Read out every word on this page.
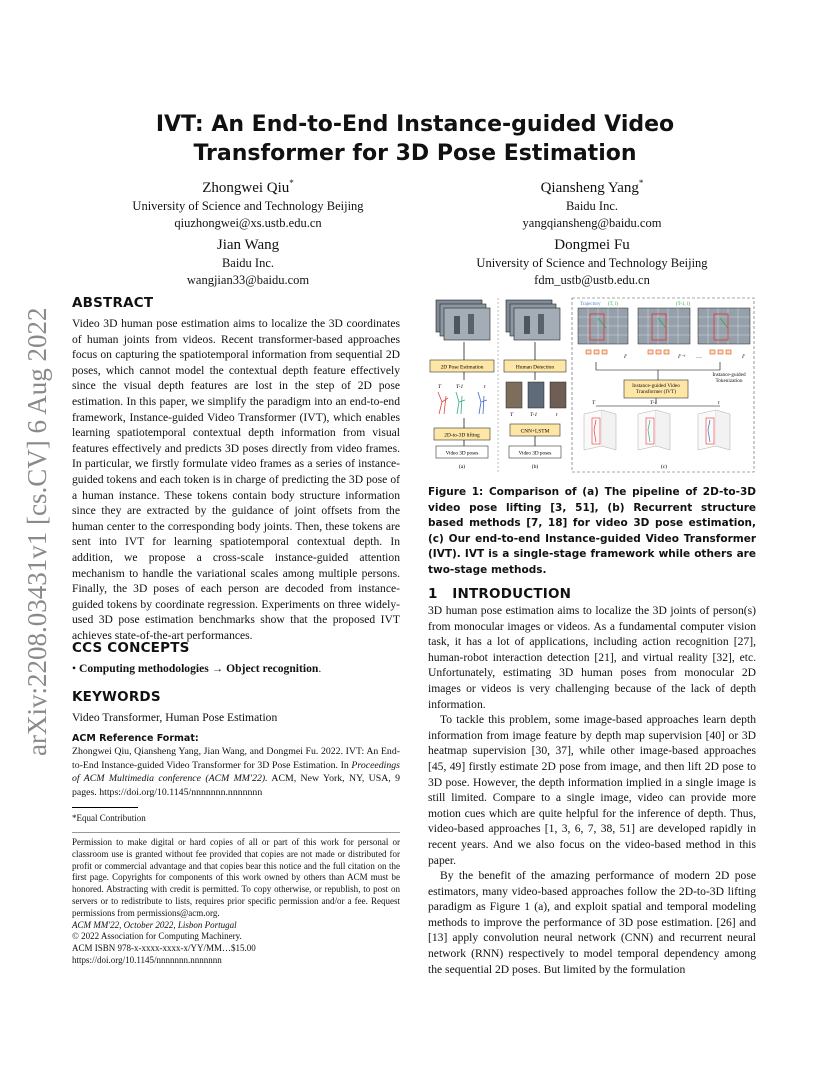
arXiv:2208.03431v1 [cs.CV] 6 Aug 2022
IVT: An End-to-End Instance-guided Video Transformer for 3D Pose Estimation
Zhongwei Qiu*
University of Science and Technology Beijing
qiuzhongwei@xs.ustb.edu.cn
Qiansheng Yang*
Baidu Inc.
yangqiansheng@baidu.com
Jian Wang
Baidu Inc.
wangjian33@baidu.com
Dongmei Fu
University of Science and Technology Beijing
fdm_ustb@ustb.edu.cn
ABSTRACT

Video 3D human pose estimation aims to localize the 3D coordinates of human joints from videos. Recent transformer-based approaches focus on capturing the spatiotemporal information from sequential 2D poses, which cannot model the contextual depth feature effectively since the visual depth features are lost in the step of 2D pose estimation. In this paper, we simplify the paradigm into an end-to-end framework, Instance-guided Video Transformer (IVT), which enables learning spatiotemporal contextual depth information from visual features effectively and predicts 3D poses directly from video frames. In particular, we firstly formulate video frames as a series of instance-guided tokens and each token is in charge of predicting the 3D pose of a human instance. These tokens contain body structure information since they are extracted by the guidance of joint offsets from the human center to the corresponding body joints. Then, these tokens are sent into IVT for learning spatiotemporal contextual depth. In addition, we propose a cross-scale instance-guided attention mechanism to handle the variational scales among multiple persons. Finally, the 3D poses of each person are decoded from instance-guided tokens by coordinate regression. Experiments on three widely-used 3D pose estimation benchmarks show that the proposed IVT achieves state-of-the-art performances.

CCS CONCEPTS
• Computing methodologies → Object recognition.
KEYWORDS
Video Transformer, Human Pose Estimation
ACM Reference Format:
Zhongwei Qiu, Qiansheng Yang, Jian Wang, and Dongmei Fu. 2022. IVT: An End-to-End Instance-guided Video Transformer for 3D Pose Estimation. In Proceedings of ACM Multimedia conference (ACM MM'22). ACM, New York, NY, USA, 9 pages. https://doi.org/10.1145/nnnnnnn.nnnnnnn
*Equal Contribution

Permission to make digital or hard copies of all or part of this work for personal or classroom use is granted without fee provided that copies are not made or distributed for profit or commercial advantage and that copies bear this notice and the full citation on the first page. Copyrights for components of this work owned by others than ACM must be honored. Abstracting with credit is permitted. To copy otherwise, or republish, to post on servers or to redistribute to lists, requires prior specific permission and/or a fee. Request permissions from permissions@acm.org.

ACM MM'22, October 2022, Lisbon Portugal

© 2022 Association for Computing Machinery.

ACM ISBN 978-x-xxxx-xxxx-x/YY/MM…$15.00

https://doi.org/10.1145/nnnnnnn.nnnnnnn

2D Pose Estimation
T	T-1	t
2D-to-3D lifting
Video 3D poses
(a)
Human Detection
T	T-1	t
CNN+LSTM
Video 3D poses
(b)
Trajectory (T, i)	(T-1, i)
I'	I'⁻¹ …	I'
Instance-guided Video Transformer (IVT)
Instance-guided Tokenization
T	T-1	t
(c)
Figure 1: Comparison of (a) The pipeline of 2D-to-3D video pose lifting [3, 51], (b) Recurrent structure based methods [7, 18] for video 3D pose estimation, (c) Our end-to-end Instance-guided Video Transformer (IVT). IVT is a single-stage framework while others are two-stage methods.
1 INTRODUCTION

3D human pose estimation aims to localize the 3D joints of person(s) from monocular images or videos. As a fundamental computer vision task, it has a lot of applications, including action recognition [27], human-robot interaction detection [21], and virtual reality [32], etc. Unfortunately, estimating 3D human poses from monocular 2D images or videos is very challenging because of the lack of depth information.

To tackle this problem, some image-based approaches learn depth information from image feature by depth map supervision [40] or 3D heatmap supervision [30, 37], while other image-based approaches [45, 49] firstly estimate 2D pose from image, and then lift 2D pose to 3D pose. However, the depth information implied in a single image is still limited. Compare to a single image, video can provide more motion cues which are quite helpful for the inference of depth. Thus, video-based approaches [1, 3, 6, 7, 38, 51] are developed rapidly in recent years. And we also focus on the video-based method in this paper.

By the benefit of the amazing performance of modern 2D pose estimators, many video-based approaches follow the 2D-to-3D lifting paradigm as Figure 1 (a), and exploit spatial and temporal modeling methods to improve the performance of 3D pose estimation. [26] and [13] apply convolution neural network (CNN) and recurrent neural network (RNN) respectively to model temporal dependency among the sequential 2D poses. But limited by the formulation
